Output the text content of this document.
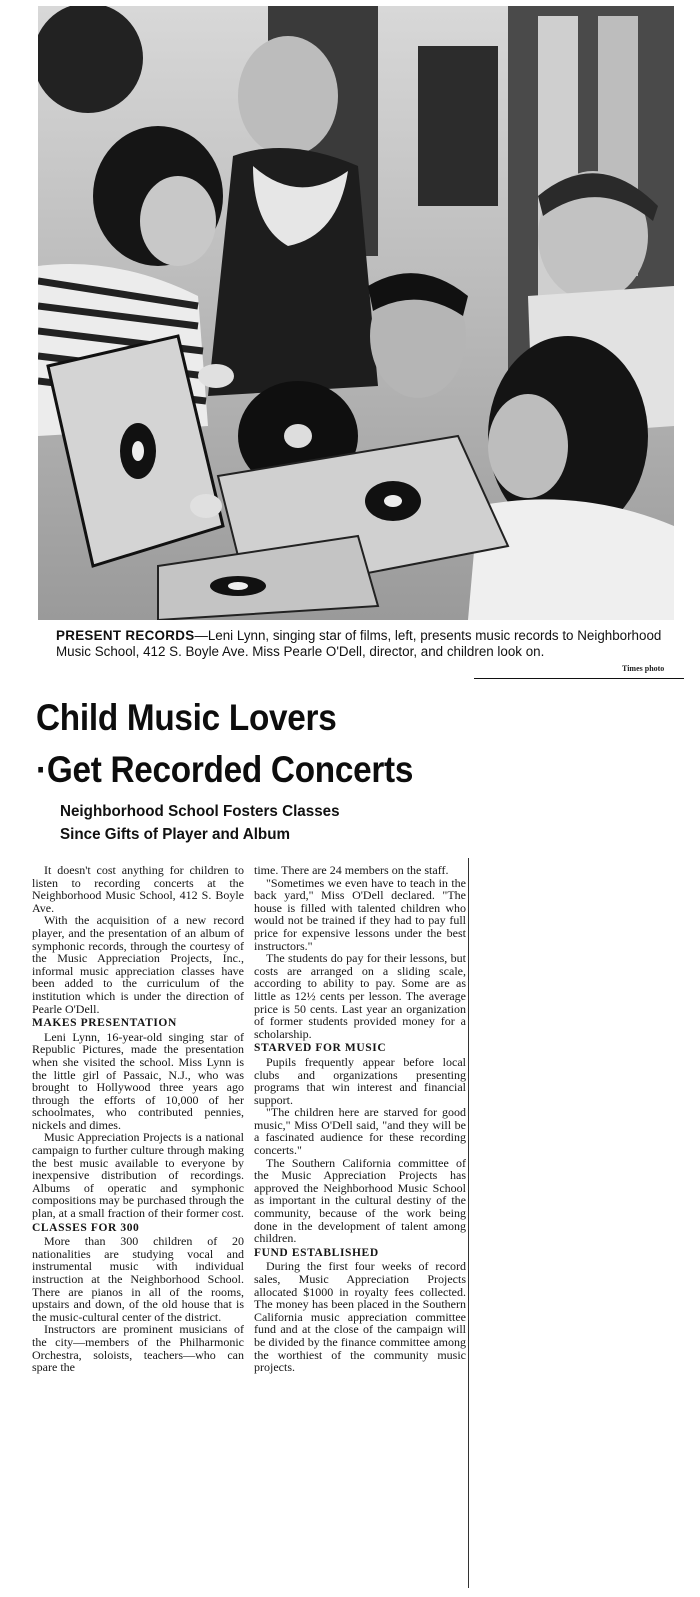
PRESENT RECORDS—Leni Lynn, singing star of films, left, presents music records to Neighborhood Music School, 412 S. Boyle Ave. Miss Pearle O'Dell, director, and children look on.
Times photo
Child Music Lovers
·Get Recorded Concerts
Neighborhood School Fosters Classes
Since Gifts of Player and Album

It doesn't cost anything for children to listen to recording concerts at the Neighborhood Music School, 412 S. Boyle Ave.

With the acquisition of a new record player, and the presentation of an album of symphonic records, through the courtesy of the Music Appreciation Projects, Inc., informal music appreciation classes have been added to the curriculum of the institution which is under the direction of Pearle O'Dell.

MAKES PRESENTATION

Leni Lynn, 16-year-old singing star of Republic Pictures, made the presentation when she visited the school. Miss Lynn is the little girl of Passaic, N.J., who was brought to Hollywood three years ago through the efforts of 10,000 of her schoolmates, who contributed pennies, nickels and dimes.

Music Appreciation Projects is a national campaign to further culture through making the best music available to everyone by inexpensive distribution of recordings. Albums of operatic and symphonic compositions may be purchased through the plan, at a small fraction of their former cost.

CLASSES FOR 300

More than 300 children of 20 nationalities are studying vocal and instrumental music with individual instruction at the Neighborhood School. There are pianos in all of the rooms, upstairs and down, of the old house that is the music-cultural center of the district.

Instructors are prominent musicians of the city—members of the Philharmonic Orchestra, soloists, teachers—who can spare the

time. There are 24 members on the staff.

"Sometimes we even have to teach in the back yard," Miss O'Dell declared. "The house is filled with talented children who would not be trained if they had to pay full price for expensive lessons under the best instructors."

The students do pay for their lessons, but costs are arranged on a sliding scale, according to ability to pay. Some are as little as 12½ cents per lesson. The average price is 50 cents. Last year an organization of former students provided money for a scholarship.

STARVED FOR MUSIC

Pupils frequently appear before local clubs and organizations presenting programs that win interest and financial support.

"The children here are starved for good music," Miss O'Dell said, "and they will be a fascinated audience for these recording concerts."

The Southern California committee of the Music Appreciation Projects has approved the Neighborhood Music School as important in the cultural destiny of the community, because of the work being done in the development of talent among children.

FUND ESTABLISHED

During the first four weeks of record sales, Music Appreciation Projects allocated $1000 in royalty fees collected. The money has been placed in the Southern California music appreciation committee fund and at the close of the campaign will be divided by the finance committee among the worthiest of the community music projects.
